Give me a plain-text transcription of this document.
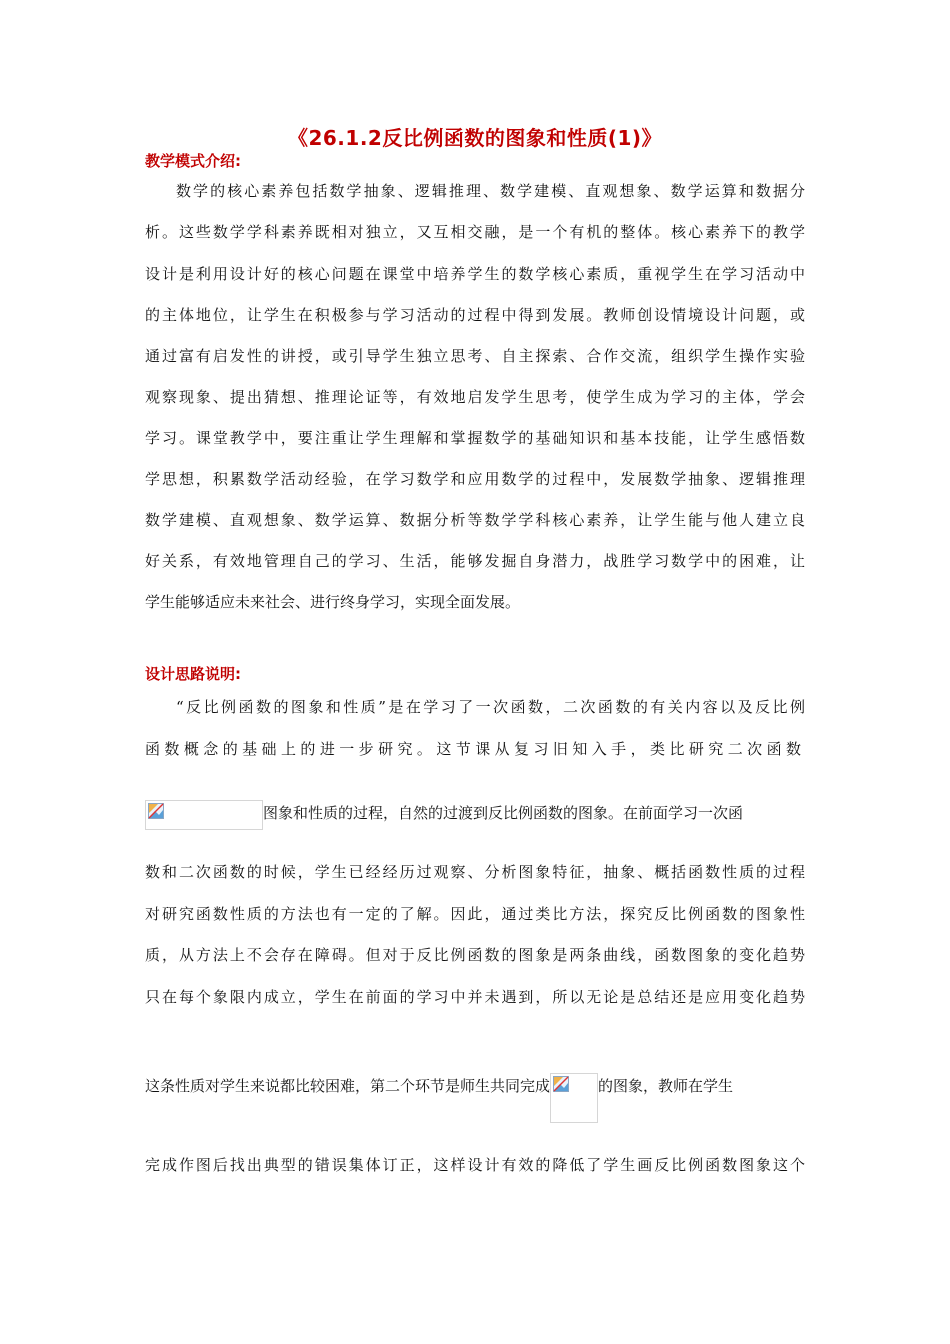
《26.1.2反比例函数的图象和性质(1)》
教学模式介绍:
数学的核心素养包括数学抽象、逻辑推理、数学建模、直观想象、数学运算和数据分
析。这些数学学科素养既相对独立，又互相交融，是一个有机的整体。核心素养下的教学
设计是利用设计好的核心问题在课堂中培养学生的数学核心素质，重视学生在学习活动中
的主体地位，让学生在积极参与学习活动的过程中得到发展。教师创设情境设计问题，或
通过富有启发性的讲授，或引导学生独立思考、自主探索、合作交流，组织学生操作实验
观察现象、提出猜想、推理论证等，有效地启发学生思考，使学生成为学习的主体，学会
学习。课堂教学中，要注重让学生理解和掌握数学的基础知识和基本技能，让学生感悟数
学思想，积累数学活动经验，在学习数学和应用数学的过程中，发展数学抽象、逻辑推理
数学建模、直观想象、数学运算、数据分析等数学学科核心素养，让学生能与他人建立良
好关系，有效地管理自己的学习、生活，能够发掘自身潜力，战胜学习数学中的困难，让
学生能够适应未来社会、进行终身学习，实现全面发展。
设计思路说明:
“反比例函数的图象和性质”是在学习了一次函数，二次函数的有关内容以及反比例
函数概念的基础上的进一步研究。这节课从复习旧知入手，类比研究二次函数
图象和性质的过程，自然的过渡到反比例函数的图象。在前面学习一次函
数和二次函数的时候，学生已经经历过观察、分析图象特征，抽象、概括函数性质的过程
对研究函数性质的方法也有一定的了解。因此，通过类比方法，探究反比例函数的图象性
质，从方法上不会存在障碍。但对于反比例函数的图象是两条曲线，函数图象的变化趋势
只在每个象限内成立，学生在前面的学习中并未遇到，所以无论是总结还是应用变化趋势
这条性质对学生来说都比较困难，第二个环节是师生共同完成	的图象，教师在学生
完成作图后找出典型的错误集体订正，这样设计有效的降低了学生画反比例函数图象这个
